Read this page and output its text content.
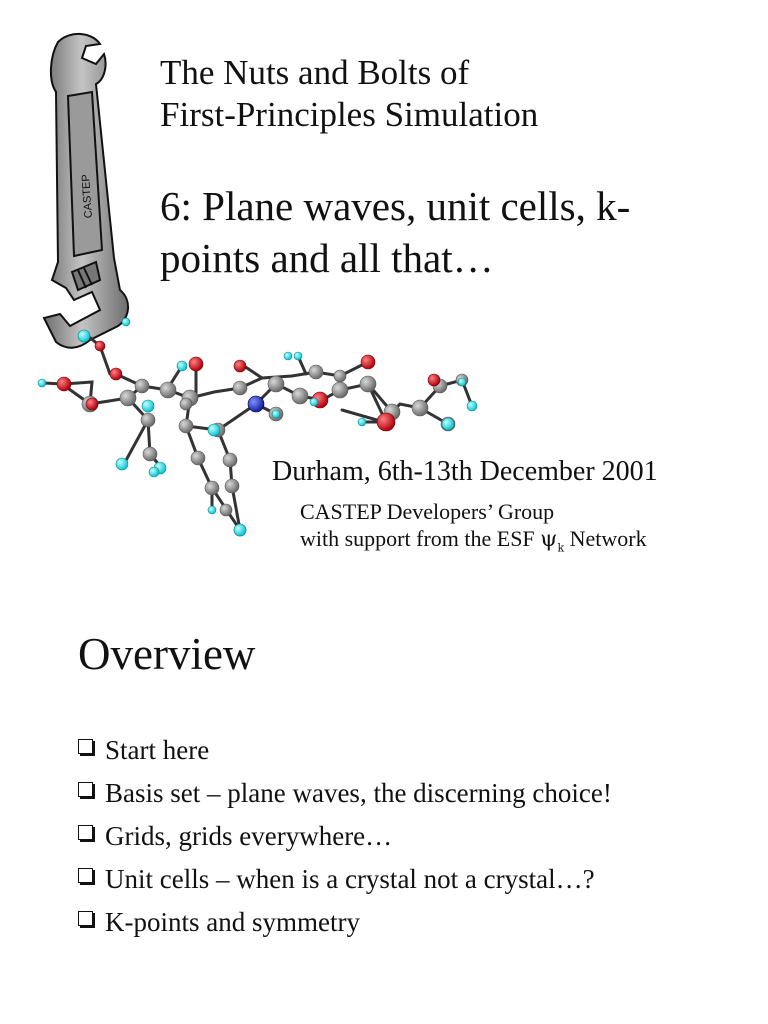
CASTEP
The Nuts and Bolts of
First-Principles Simulation
6: Plane waves, unit cells, k-
points and all that…
Durham, 6th-13th December 2001
CASTEP Developers’ Group
with support from the ESF $\psi_k$ Network
Overview
Start here
Basis set – plane waves, the discerning choice!
Grids, grids everywhere…
Unit cells – when is a crystal not a crystal…?
K-points and symmetry
